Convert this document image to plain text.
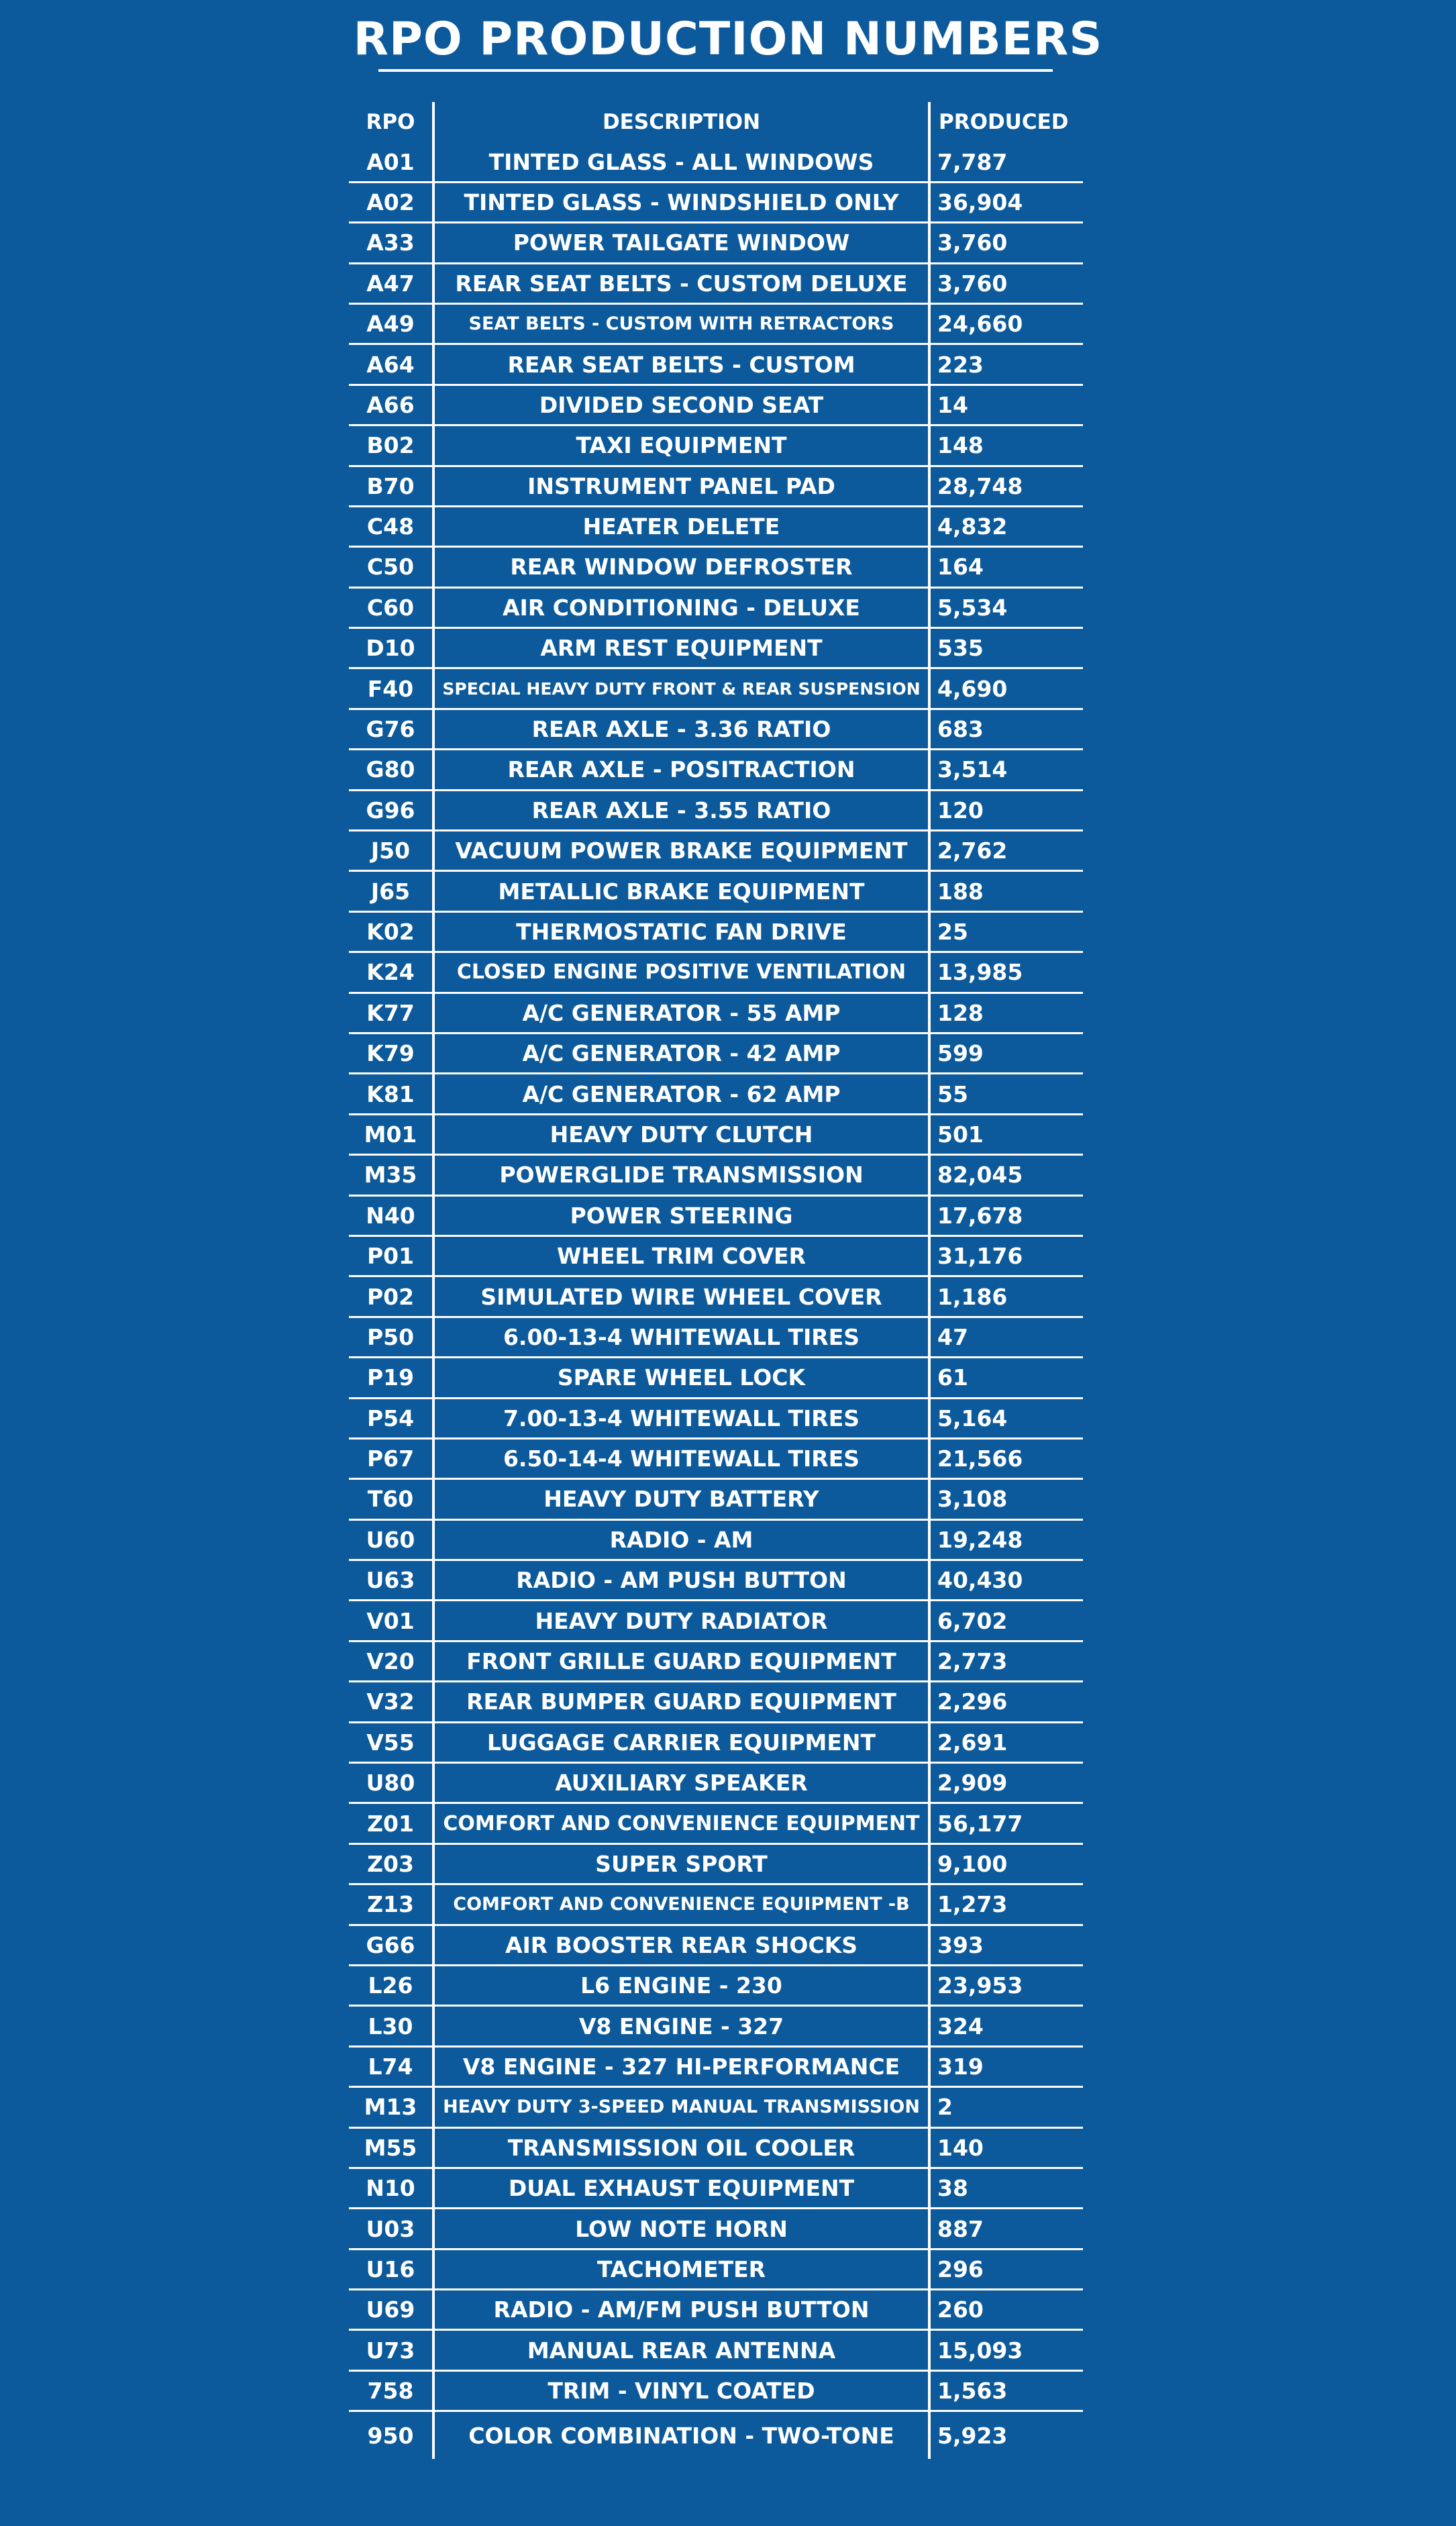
RPO PRODUCTION NUMBERS
RPO	DESCRIPTION	PRODUCED
A01	TINTED GLASS - ALL WINDOWS	7,787
A02	TINTED GLASS - WINDSHIELD ONLY	36,904
A33	POWER TAILGATE WINDOW	3,760
A47	REAR SEAT BELTS - CUSTOM DELUXE	3,760
A49	SEAT BELTS - CUSTOM WITH RETRACTORS	24,660
A64	REAR SEAT BELTS - CUSTOM	223
A66	DIVIDED SECOND SEAT	14
B02	TAXI EQUIPMENT	148
B70	INSTRUMENT PANEL PAD	28,748
C48	HEATER DELETE	4,832
C50	REAR WINDOW DEFROSTER	164
C60	AIR CONDITIONING - DELUXE	5,534
D10	ARM REST EQUIPMENT	535
F40	SPECIAL HEAVY DUTY FRONT & REAR SUSPENSION 4,690
G76	REAR AXLE - 3.36 RATIO	683
G80	REAR AXLE - POSITRACTION	3,514
G96	REAR AXLE - 3.55 RATIO	120
J50	VACUUM POWER BRAKE EQUIPMENT	2,762
J65	METALLIC BRAKE EQUIPMENT	188
K02	THERMOSTATIC FAN DRIVE	25
K24	CLOSED ENGINE POSITIVE VENTILATION	13,985
K77	A/C GENERATOR - 55 AMP	128
K79	A/C GENERATOR - 42 AMP	599
K81	A/C GENERATOR - 62 AMP	55
M01	HEAVY DUTY CLUTCH	501
M35	POWERGLIDE TRANSMISSION	82,045
N40	POWER STEERING	17,678
P01	WHEEL TRIM COVER	31,176
P02	SIMULATED WIRE WHEEL COVER	1,186
P50	6.00-13-4 WHITEWALL TIRES	47
P19	SPARE WHEEL LOCK	61
P54	7.00-13-4 WHITEWALL TIRES	5,164
P67	6.50-14-4 WHITEWALL TIRES	21,566
T60	HEAVY DUTY BATTERY	3,108
U60	RADIO - AM	19,248
U63	RADIO - AM PUSH BUTTON	40,430
V01	HEAVY DUTY RADIATOR	6,702
V20	FRONT GRILLE GUARD EQUIPMENT	2,773
V32	REAR BUMPER GUARD EQUIPMENT	2,296
V55	LUGGAGE CARRIER EQUIPMENT	2,691
U80	AUXILIARY SPEAKER	2,909
Z01	COMFORT AND CONVENIENCE EQUIPMENT 56,177
Z03	SUPER SPORT	9,100
Z13	COMFORT AND CONVENIENCE EQUIPMENT -B	1,273
G66	AIR BOOSTER REAR SHOCKS	393
L26	L6 ENGINE - 230	23,953
L30	V8 ENGINE - 327	324
L74	V8 ENGINE - 327 HI-PERFORMANCE	319
M13	HEAVY DUTY 3-SPEED MANUAL TRANSMISSION 2
M55	TRANSMISSION OIL COOLER	140
N10	DUAL EXHAUST EQUIPMENT	38
U03	LOW NOTE HORN	887
U16	TACHOMETER	296
U69	RADIO - AM/FM PUSH BUTTON	260
U73	MANUAL REAR ANTENNA	15,093
758	TRIM - VINYL COATED	1,563
950	COLOR COMBINATION - TWO-TONE	5,923
